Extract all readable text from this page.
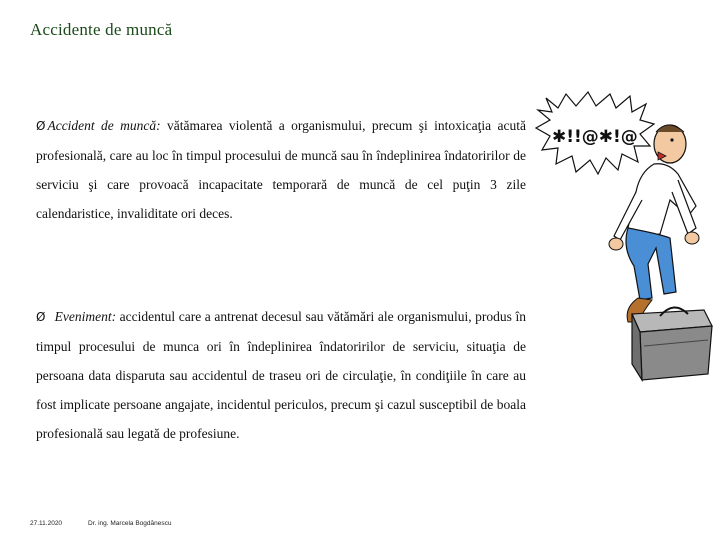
Accidente de muncă
Ø Accident de muncă: vătămarea violentă a organismului, precum şi intoxicaţia acută profesională, care au loc în timpul procesului de muncă sau în îndeplinirea îndatoririlor de serviciu şi care provoacă incapacitate temporară de muncă de cel puţin 3 zile calendaristice, invaliditate ori deces.
Ø Eveniment: accidentul care a antrenat decesul sau vătămări ale organismului, produs în timpul procesului de munca ori în îndeplinirea îndatoririlor de serviciu, situaţia de persoana data disparuta sau accidentul de traseu ori de circulaţie, în condiţiile în care au fost implicate persoane angajate, incidentul periculos, precum şi cazul susceptibil de boala profesională sau legată de profesiune.
✱!!@✱!@
27.11.2020	Dr. ing. Marcela Bogdănescu
